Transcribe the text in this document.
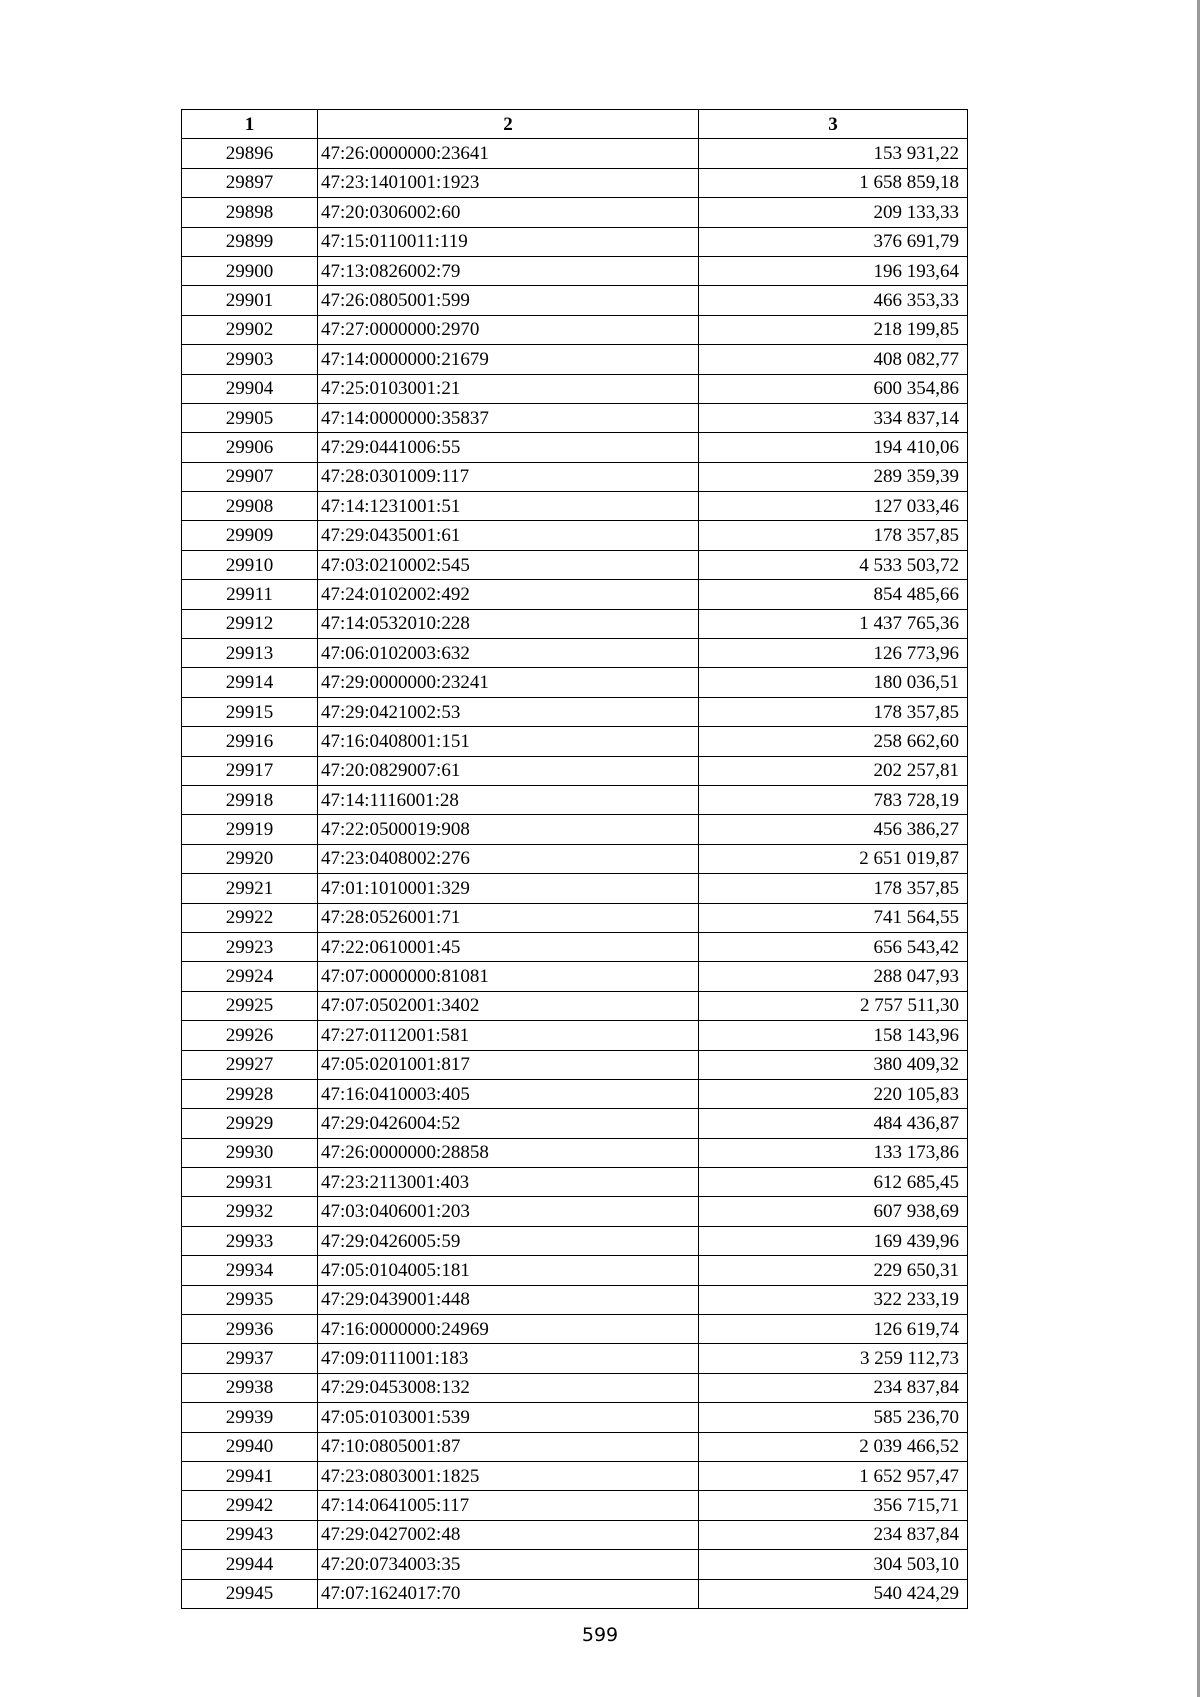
1	2	3
29896	47:26:0000000:23641	153 931,22
29897	47:23:1401001:1923	1 658 859,18
29898	47:20:0306002:60	209 133,33
29899	47:15:0110011:119	376 691,79
29900	47:13:0826002:79	196 193,64
29901	47:26:0805001:599	466 353,33
29902	47:27:0000000:2970	218 199,85
29903	47:14:0000000:21679	408 082,77
29904	47:25:0103001:21	600 354,86
29905	47:14:0000000:35837	334 837,14
29906	47:29:0441006:55	194 410,06
29907	47:28:0301009:117	289 359,39
29908	47:14:1231001:51	127 033,46
29909	47:29:0435001:61	178 357,85
29910	47:03:0210002:545	4 533 503,72
29911	47:24:0102002:492	854 485,66
29912	47:14:0532010:228	1 437 765,36
29913	47:06:0102003:632	126 773,96
29914	47:29:0000000:23241	180 036,51
29915	47:29:0421002:53	178 357,85
29916	47:16:0408001:151	258 662,60
29917	47:20:0829007:61	202 257,81
29918	47:14:1116001:28	783 728,19
29919	47:22:0500019:908	456 386,27
29920	47:23:0408002:276	2 651 019,87
29921	47:01:1010001:329	178 357,85
29922	47:28:0526001:71	741 564,55
29923	47:22:0610001:45	656 543,42
29924	47:07:0000000:81081	288 047,93
29925	47:07:0502001:3402	2 757 511,30
29926	47:27:0112001:581	158 143,96
29927	47:05:0201001:817	380 409,32
29928	47:16:0410003:405	220 105,83
29929	47:29:0426004:52	484 436,87
29930	47:26:0000000:28858	133 173,86
29931	47:23:2113001:403	612 685,45
29932	47:03:0406001:203	607 938,69
29933	47:29:0426005:59	169 439,96
29934	47:05:0104005:181	229 650,31
29935	47:29:0439001:448	322 233,19
29936	47:16:0000000:24969	126 619,74
29937	47:09:0111001:183	3 259 112,73
29938	47:29:0453008:132	234 837,84
29939	47:05:0103001:539	585 236,70
29940	47:10:0805001:87	2 039 466,52
29941	47:23:0803001:1825	1 652 957,47
29942	47:14:0641005:117	356 715,71
29943	47:29:0427002:48	234 837,84
29944	47:20:0734003:35	304 503,10
29945	47:07:1624017:70	540 424,29
599
